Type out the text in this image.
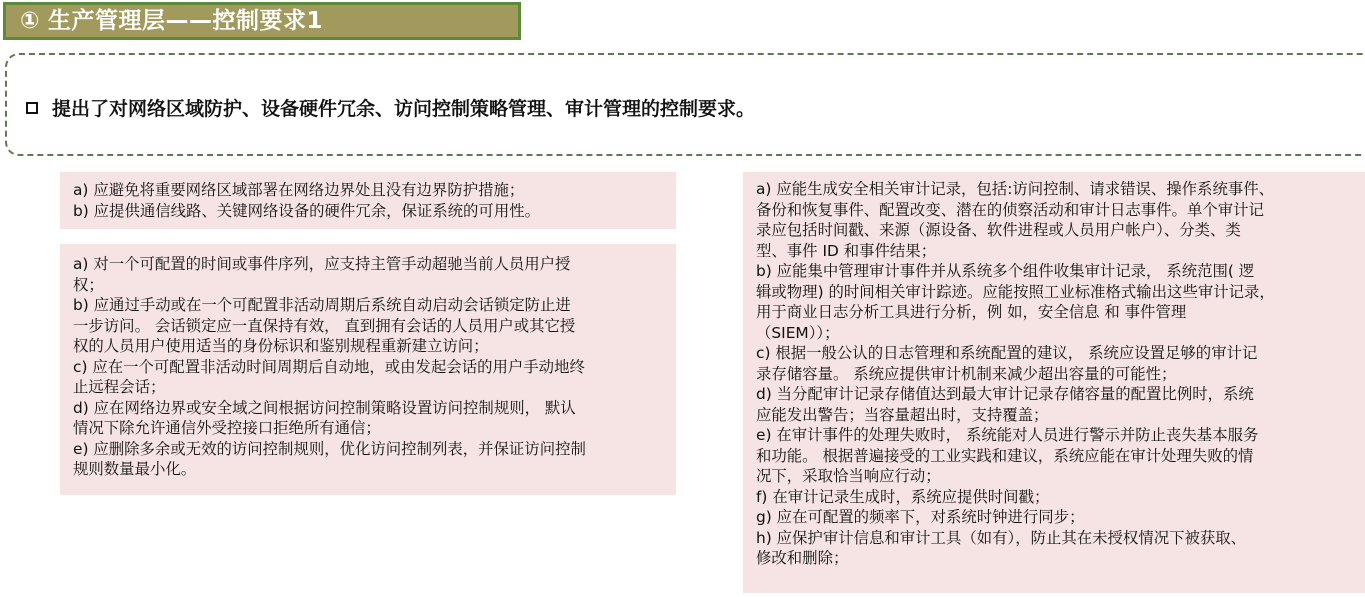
① 生产管理层——控制要求1
提出了对网络区域防护、设备硬件冗余、访问控制策略管理、审计管理的控制要求。

a) 应避免将重要网络区域部署在网络边界处且没有边界防护措施；

b) 应提供通信线路、关键网络设备的硬件冗余，保证系统的可用性。

a) 对一个可配置的时间或事件序列，应支持主管手动超驰当前人员用户授

权；

b) 应通过手动或在一个可配置非活动周期后系统自动启动会话锁定防止进

一步访问。 会话锁定应一直保持有效， 直到拥有会话的人员用户或其它授

权的人员用户使用适当的身份标识和鉴别规程重新建立访问；

c) 应在一个可配置非活动时间周期后自动地，或由发起会话的用户手动地终

止远程会话；

d) 应在网络边界或安全域之间根据访问控制策略设置访问控制规则， 默认

情况下除允许通信外受控接口拒绝所有通信；

e) 应删除多余或无效的访问控制规则，优化访问控制列表，并保证访问控制

规则数量最小化。

a) 应能生成安全相关审计记录，包括:访问控制、请求错误、操作系统事件、

备份和恢复事件、配置改变、潜在的侦察活动和审计日志事件。单个审计记

录应包括时间戳、来源（源设备、软件进程或人员用户帐户）、分类、类

型、事件 ID 和事件结果；

b) 应能集中管理审计事件并从系统多个组件收集审计记录， 系统范围( 逻

辑或物理) 的时间相关审计踪迹。应能按照工业标准格式输出这些审计记录，

用于商业日志分析工具进行分析，例 如，安全信息 和 事件管理

（SIEM））；

c) 根据一般公认的日志管理和系统配置的建议， 系统应设置足够的审计记

录存储容量。 系统应提供审计机制来减少超出容量的可能性；

d) 当分配审计记录存储值达到最大审计记录存储容量的配置比例时，系统

应能发出警告；当容量超出时，支持覆盖；

e) 在审计事件的处理失败时， 系统能对人员进行警示并防止丧失基本服务

和功能。 根据普遍接受的工业实践和建议，系统应能在审计处理失败的情

况下，采取恰当响应行动；

f) 在审计记录生成时，系统应提供时间戳；

g) 应在可配置的频率下，对系统时钟进行同步；

h) 应保护审计信息和审计工具（如有），防止其在未授权情况下被获取、

修改和删除；
